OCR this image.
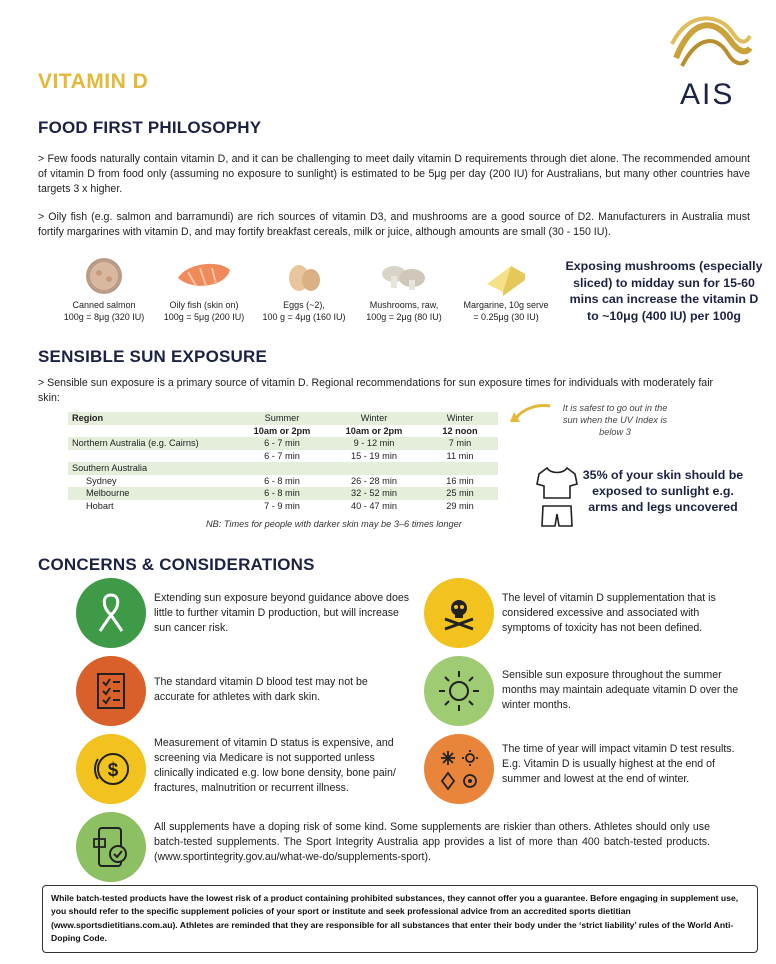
VITAMIN D	AIS
FOOD FIRST PHILOSOPHY

> Few foods naturally contain vitamin D, and it can be challenging to meet daily vitamin D requirements through diet alone. The recommended amount of vitamin D from food only (assuming no exposure to sunlight) is estimated to be 5μg per day (200 IU) for Australians, but many other countries have targets 3 x higher.

> Oily fish (e.g. salmon and barramundi) are rich sources of vitamin D3, and mushrooms are a good source of D2. Manufacturers in Australia must fortify margarines with vitamin D, and may fortify breakfast cereals, milk or juice, although amounts are small (30 - 150 IU).

Canned salmon
100g = 8μg (320 IU)
Oily fish (skin on)
100g = 5μg (200 IU)
Eggs (~2),
100 g = 4μg (160 IU)
Mushrooms, raw,
100g = 2μg (80 IU)
Margarine, 10g serve
= 0.25μg (30 IU)
Exposing mushrooms (especially sliced) to midday sun for 15-60 mins can increase the vitamin D to ~10μg (400 IU) per 100g
SENSIBLE SUN EXPOSURE

> Sensible sun exposure is a primary source of vitamin D. Regional recommendations for sun exposure times for individuals with moderately fair skin:

Region	Summer	Winter	Winter
	10am or 2pm	10am or 2pm	12 noon
Northern Australia (e.g. Cairns)	6 - 7 min	9 - 12 min	7 min
	6 - 7 min	15 - 19 min	11 min
Southern Australia			
Sydney	6 - 8 min	26 - 28 min	16 min
Melbourne	6 - 8 min	32 - 52 min	25 min
Hobart	7 - 9 min	40 - 47 min	29 min
NB: Times for people with darker skin may be 3–6 times longer
It is safest to go out in the sun when the UV Index is below 3
35% of your skin should be exposed to sunlight e.g. arms and legs uncovered
CONCERNS & CONSIDERATIONS
Extending sun exposure beyond guidance above does little to further vitamin D production, but will increase sun cancer risk.
The level of vitamin D supplementation that is considered excessive and associated with symptoms of toxicity has not been defined.
The standard vitamin D blood test may not be accurate for athletes with dark skin.
Sensible sun exposure throughout the summer months may maintain adequate vitamin D over the winter months.
$
Measurement of vitamin D status is expensive, and screening via Medicare is not supported unless clinically indicated e.g. low bone density, bone pain/ fractures, malnutrition or recurrent illness.
The time of year will impact vitamin D test results. E.g. Vitamin D is usually highest at the end of summer and lowest at the end of winter.
All supplements have a doping risk of some kind. Some supplements are riskier than others. Athletes should only use batch-tested supplements. The Sport Integrity Australia app provides a list of more than 400 batch-tested products. (www.sportintegrity.gov.au/what-we-do/supplements-sport).
While batch-tested products have the lowest risk of a product containing prohibited substances, they cannot offer you a guarantee. Before engaging in supplement use, you should refer to the specific supplement policies of your sport or institute and seek professional advice from an accredited sports dietitian (www.sportsdietitians.com.au). Athletes are reminded that they are responsible for all substances that enter their body under the ‘strict liability’ rules of the World Anti-Doping Code.
